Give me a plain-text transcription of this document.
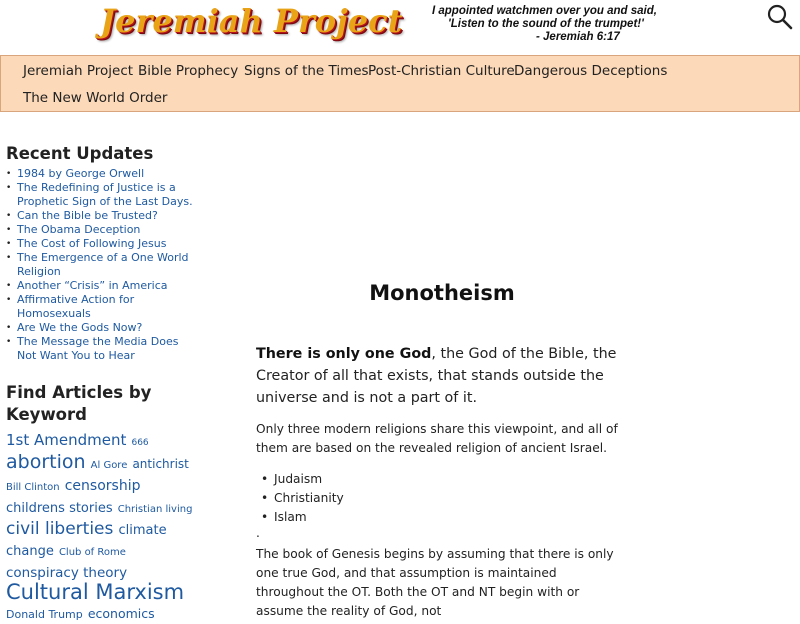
Jeremiah Project	I appointed watchmen over you and said,
'Listen to the sound of the trumpet!'
- Jeremiah 6:17
Jeremiah Project Bible Prophecy Signs of the Times Post-Christian Culture Dangerous Deceptions
The New World Order
Recent Updates
• 1984 by George Orwell
• The Redefining of Justice is a Prophetic Sign of the Last Days.
• Can the Bible be Trusted?
• The Obama Deception
• The Cost of Following Jesus
• The Emergence of a One World Religion
• Another “Crisis” in America
• Affirmative Action for Homosexuals
• Are We the Gods Now?
• The Message the Media Does Not Want You to Hear
Find Articles by Keyword
1st Amendment 666 abortion Al Gore antichrist Bill Clinton censorship childrens stories Christian living civil liberties climate change Club of Rome conspiracy theory Cultural Marxism Donald Trump economics
Monotheism
There is only one God, the God of the Bible, the Creator of all that exists, that stands outside the universe and is not a part of it.
Only three modern religions share this viewpoint, and all of them are based on the revealed religion of ancient Israel.
• Judaism
• Christianity
• Islam
.
The book of Genesis begins by assuming that there is only one true God, and that assumption is maintained throughout the OT. Both the OT and NT begin with or assume the reality of God, not
